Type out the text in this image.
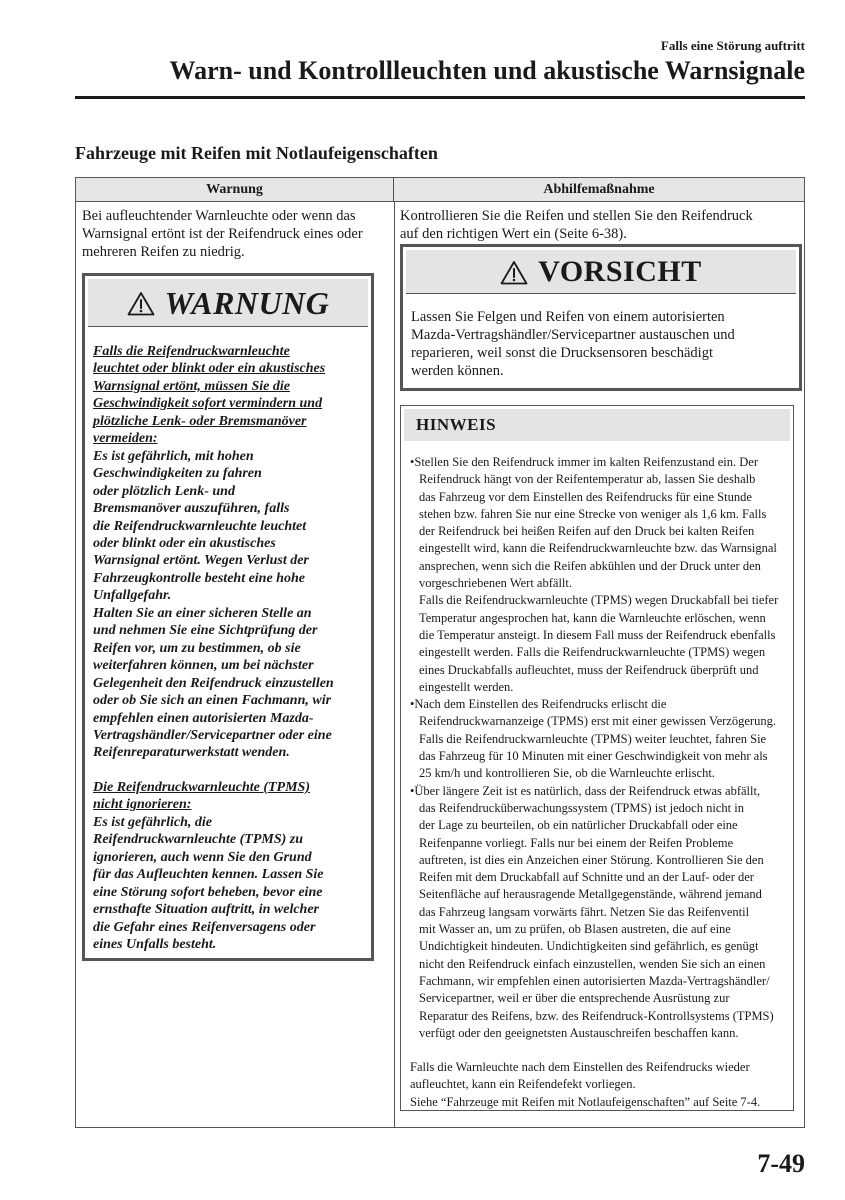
Falls eine Störung auftritt
Warn- und Kontrollleuchten und akustische Warnsignale
Fahrzeuge mit Reifen mit Notlaufeigenschaften
Warnung	Abhilfemaßnahme
Bei aufleuchtender Warnleuchte oder wenn das
Warnsignal ertönt ist der Reifendruck eines oder
mehreren Reifen zu niedrig.
WARNUNG

Falls die Reifendruckwarnleuchte

leuchtet oder blinkt oder ein akustisches

Warnsignal ertönt, müssen Sie die

Geschwindigkeit sofort vermindern und

plötzliche Lenk- oder Bremsmanöver

vermeiden:

Es ist gefährlich, mit hohen

Geschwindigkeiten zu fahren

oder plötzlich Lenk- und

Bremsmanöver auszuführen, falls

die Reifendruckwarnleuchte leuchtet

oder blinkt oder ein akustisches

Warnsignal ertönt. Wegen Verlust der

Fahrzeugkontrolle besteht eine hohe

Unfallgefahr.

Halten Sie an einer sicheren Stelle an

und nehmen Sie eine Sichtprüfung der

Reifen vor, um zu bestimmen, ob sie

weiterfahren können, um bei nächster

Gelegenheit den Reifendruck einzustellen

oder ob Sie sich an einen Fachmann, wir

empfehlen einen autorisierten Mazda-

Vertragshändler/Servicepartner oder eine

Reifenreparaturwerkstatt wenden.

Die Reifendruckwarnleuchte (TPMS)

nicht ignorieren:

Es ist gefährlich, die

Reifendruckwarnleuchte (TPMS) zu

ignorieren, auch wenn Sie den Grund

für das Aufleuchten kennen. Lassen Sie

eine Störung sofort beheben, bevor eine

ernsthafte Situation auftritt, in welcher

die Gefahr eines Reifenversagens oder

eines Unfalls besteht.

Kontrollieren Sie die Reifen und stellen Sie den Reifendruck
auf den richtigen Wert ein (Seite 6-38).
VORSICHT
Lassen Sie Felgen und Reifen von einem autorisierten
Mazda-Vertragshändler/Servicepartner austauschen und
reparieren, weil sonst die Drucksensoren beschädigt
werden können.
HINWEIS

•Stellen Sie den Reifendruck immer im kalten Reifenzustand ein. Der

Reifendruck hängt von der Reifentemperatur ab, lassen Sie deshalb

das Fahrzeug vor dem Einstellen des Reifendrucks für eine Stunde

stehen bzw. fahren Sie nur eine Strecke von weniger als 1,6 km. Falls

der Reifendruck bei heißen Reifen auf den Druck bei kalten Reifen

eingestellt wird, kann die Reifendruckwarnleuchte bzw. das Warnsignal

ansprechen, wenn sich die Reifen abkühlen und der Druck unter den

vorgeschriebenen Wert abfällt.

Falls die Reifendruckwarnleuchte (TPMS) wegen Druckabfall bei tiefer

Temperatur angesprochen hat, kann die Warnleuchte erlöschen, wenn

die Temperatur ansteigt. In diesem Fall muss der Reifendruck ebenfalls

eingestellt werden. Falls die Reifendruckwarnleuchte (TPMS) wegen

eines Druckabfalls aufleuchtet, muss der Reifendruck überprüft und

eingestellt werden.

•Nach dem Einstellen des Reifendrucks erlischt die

Reifendruckwarnanzeige (TPMS) erst mit einer gewissen Verzögerung.

Falls die Reifendruckwarnleuchte (TPMS) weiter leuchtet, fahren Sie

das Fahrzeug für 10 Minuten mit einer Geschwindigkeit von mehr als

25 km/h und kontrollieren Sie, ob die Warnleuchte erlischt.

•Über längere Zeit ist es natürlich, dass der Reifendruck etwas abfällt,

das Reifendrucküberwachungssystem (TPMS) ist jedoch nicht in

der Lage zu beurteilen, ob ein natürlicher Druckabfall oder eine

Reifenpanne vorliegt. Falls nur bei einem der Reifen Probleme

auftreten, ist dies ein Anzeichen einer Störung. Kontrollieren Sie den

Reifen mit dem Druckabfall auf Schnitte und an der Lauf- oder der

Seitenfläche auf herausragende Metallgegenstände, während jemand

das Fahrzeug langsam vorwärts fährt. Netzen Sie das Reifenventil

mit Wasser an, um zu prüfen, ob Blasen austreten, die auf eine

Undichtigkeit hindeuten. Undichtigkeiten sind gefährlich, es genügt

nicht den Reifendruck einfach einzustellen, wenden Sie sich an einen

Fachmann, wir empfehlen einen autorisierten Mazda-Vertragshändler/

Servicepartner, weil er über die entsprechende Ausrüstung zur

Reparatur des Reifens, bzw. des Reifendruck-Kontrollsystems (TPMS)

verfügt oder den geeignetsten Austauschreifen beschaffen kann.

Falls die Warnleuchte nach dem Einstellen des Reifendrucks wieder

aufleuchtet, kann ein Reifendefekt vorliegen.

Siehe “Fahrzeuge mit Reifen mit Notlaufeigenschaften” auf Seite 7-4.

7-49
